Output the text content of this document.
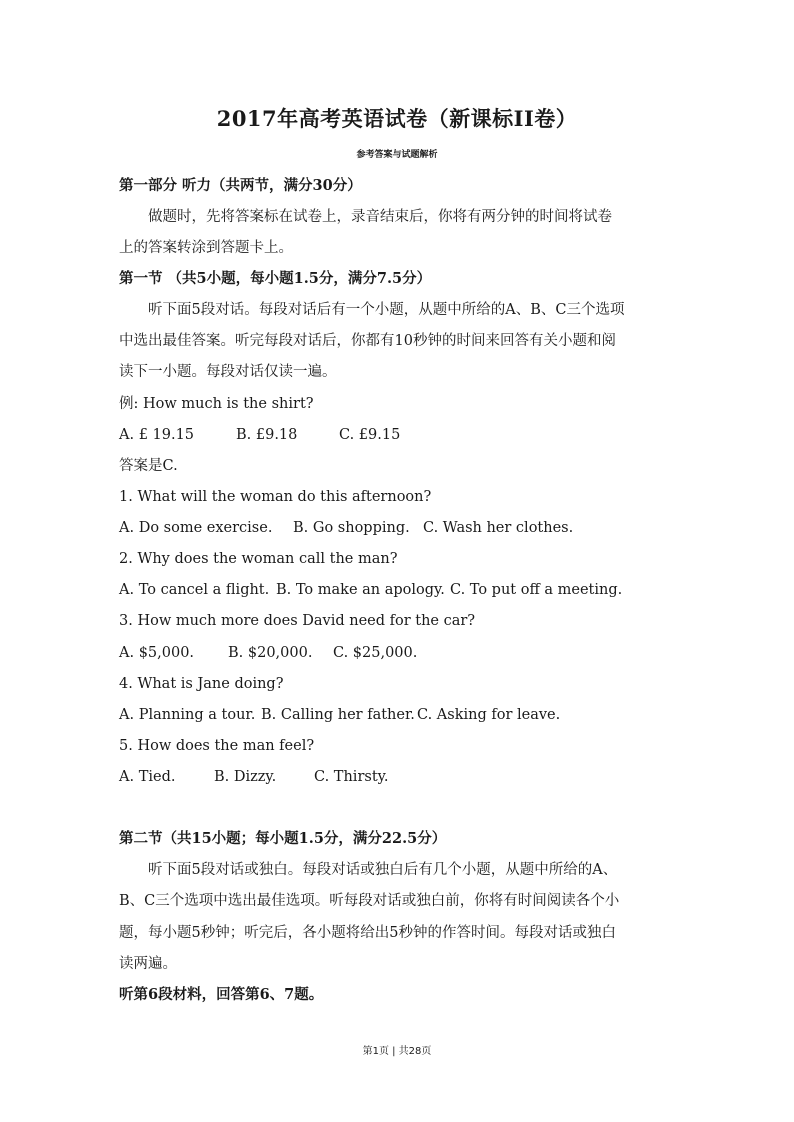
2017年高考英语试卷（新课标II卷）
参考答案与试题解析
第一部分 听力（共两节，满分30分）
做题时，先将答案标在试卷上，录音结束后，你将有两分钟的时间将试卷
上的答案转涂到答题卡上。
第一节 （共5小题，每小题1.5分，满分7.5分）
听下面5段对话。每段对话后有一个小题，从题中所给的A、B、C三个选项
中选出最佳答案。听完每段对话后，你都有10秒钟的时间来回答有关小题和阅
读下一小题。每段对话仅读一遍。
例: How much is the shirt?
A. £ 19.15	B. £9.18	C. £9.15
答案是C.
1. What will the woman do this afternoon?
A. Do some exercise. B. Go shopping. C. Wash her clothes.
2. Why does the woman call the man?
A. To cancel a flight. B. To make an apology. C. To put off a meeting.
3. How much more does David need for the car?
A. $5,000. B. $20,000. C. $25,000.
4. What is Jane doing?
A. Planning a tour. B. Calling her father. C. Asking for leave.
5. How does the man feel?
A. Tied.	B. Dizzy.	C. Thirsty.
第二节（共15小题；每小题1.5分，满分22.5分）
听下面5段对话或独白。每段对话或独白后有几个小题，从题中所给的A、
B、C三个选项中选出最佳选项。听每段对话或独白前，你将有时间阅读各个小
题，每小题5秒钟；听完后，各小题将给出5秒钟的作答时间。每段对话或独白
读两遍。
听第6段材料，回答第6、7题。
第1页 | 共28页
